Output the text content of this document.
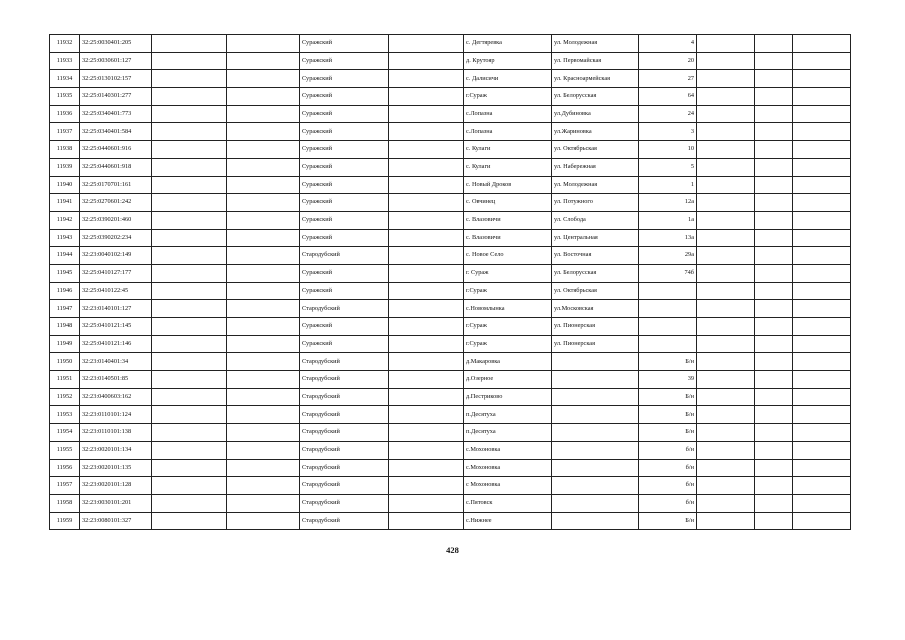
11932	32:25:0030401:205			Суражский		с. Дегтяревка	ул. Молодежная	4			
11933	32:25:0030601:127			Суражский		д. Крутояр	ул. Первомайская	20			
11934	32:25:0130102:157			Суражский		с. Далисичи	ул. Красноармейская	27			
11935	32:25:0140301:277			Суражский		г.Сураж	ул. Белорусская	64			
11936	32:25:0340401:773			Суражский		с.Лопазна	ул.Дубиновка	24			
11937	32:25:0340401:584			Суражский		с.Лопазна	ул.Жариновка	3			
11938	32:25:0440601:916			Суражский		с. Кулаги	ул. Октябрьская	10			
11939	32:25:0440601:918			Суражский		с. Кулаги	ул. Набережная	5			
11940	32:25:0170701:161			Суражский		с. Новый Дроков	ул. Молодежная	1			
11941	32:25:0270601:242			Суражский		с. Овчинец	ул. Потужного	12а			
11942	32:25:0390201:460			Суражский		с. Влазовичи	ул. Слобода	1а			
11943	32:25:0390202:234			Суражский		с. Влазовичи	ул. Центральная	13а			
11944	32:23:0040102:149			Стародубский		с. Новое Село	ул. Восточная	29а			
11945	32:25:0410127:177			Суражский		г. Сураж	ул. Белорусская	74б			
11946	32:25:0410122:45			Суражский		г.Сураж	ул. Октябрьская				
11947	32:23:0140101:127			Стародубский		с.Новомлынка	ул.Московская				
11948	32:25:0410121:145			Суражский		г.Сураж	ул. Пионерская				
11949	32:25:0410121:146			Суражский		г.Сураж	ул. Пионерская				
11950	32:23:0140401:34			Стародубский		д.Макаровка		Б/н			
11951	32:23:0140501:85			Стародубский		д.Озерное		39			
11952	32:23:0400603:162			Стародубский		д.Пестриково		Б/н			
11953	32:23:0110101:124			Стародубский		п.Десятуха		Б/н			
11954	32:23:0110101:138			Стародубский		п.Десятуха		Б/н			
11955	32:23:0020101:134			Стародубский		с.Мохоновка		б/н			
11956	32:23:0020101:135			Стародубский		с.Мохоновка		б/н			
11957	32:23:0020101:128			Стародубский		с Мохоновка		б/н			
11958	32:23:0030101:201			Стародубский		с.Пятовск		б/н			
11959	32:23:0080101:327			Стародубский		с.Нижнее		Б/н			
428
